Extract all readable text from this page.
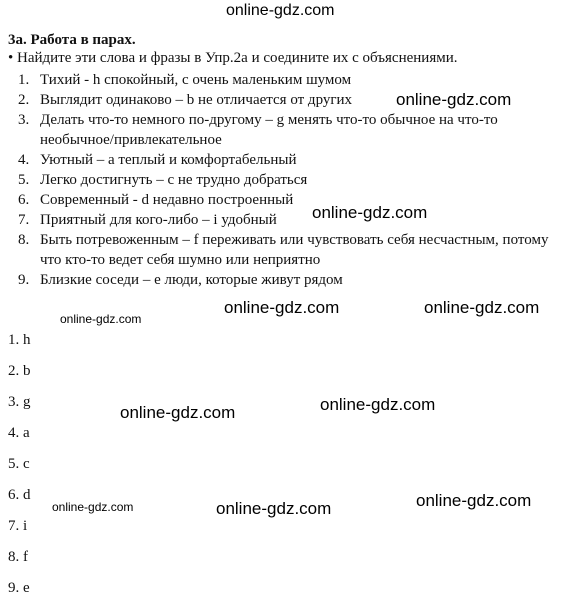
online-gdz.com
online-gdz.com
online-gdz.com
online-gdz.com	online-gdz.com
online-gdz.com
online-gdz.com
online-gdz.com
online-gdz.com
online-gdz.com	online-gdz.com
3a. Работа в парах.
• Найдите эти слова и фразы в Упр.2а и соедините их с объяснениями.
1. Тихий - h спокойный, с очень маленьким шумом
2. Выглядит одинаково – b не отличается от других
3. Делать что-то немного по-другому – g менять что-то обычное на что-то необычное/привлекательное
4. Уютный – a теплый и комфортабельный
5. Легко достигнуть – c не трудно добраться
6. Современный - d недавно построенный
7. Приятный для кого-либо – i удобный
8. Быть потревоженным – f переживать или чувствовать себя несчастным, потому что кто-то ведет себя шумно или неприятно
9. Близкие соседи – e люди, которые живут рядом
1. h
2. b
3. g
4. a
5. c
6. d
7. i
8. f
9. e
